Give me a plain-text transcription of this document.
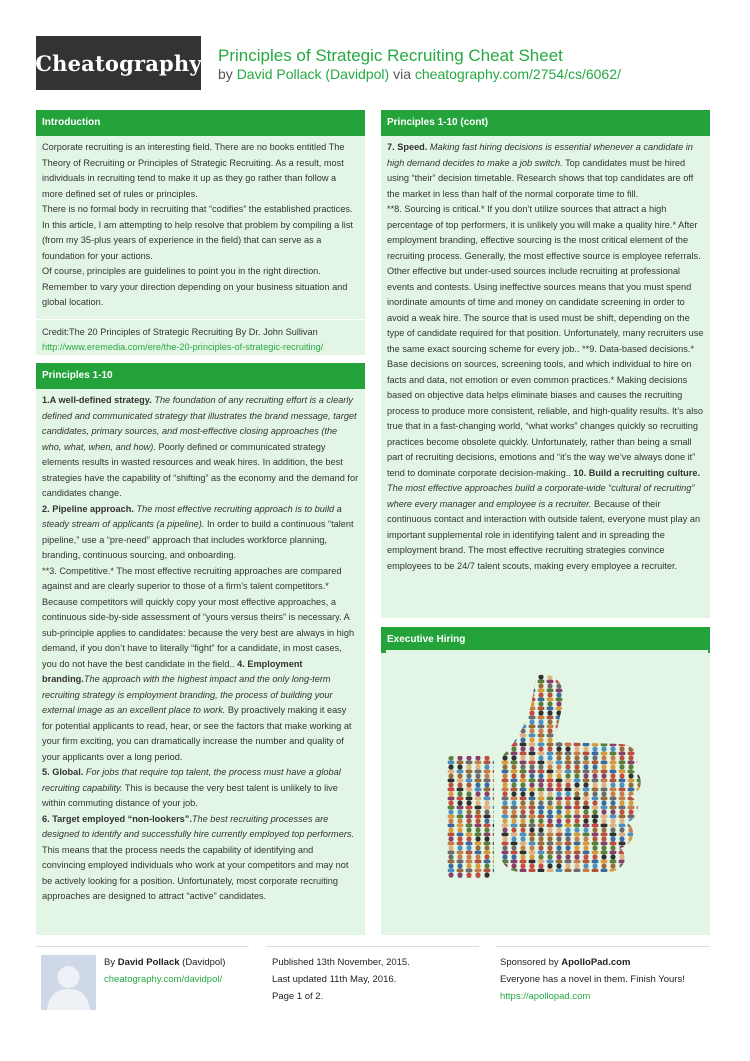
Cheatography Principles of Strategic Recruiting Cheat Sheet
by David Pollack (Davidpol) via cheatography.com/2754/cs/6062/
Introduction

Corporate recruiting is an interesting field. There are no books entitled The Theory of Recruiting or Principles of Strategic Recruiting. As a result, most individuals in recruiting tend to make it up as they go rather than follow a more defined set of rules or principles.

There is no formal body in recruiting that “codifies” the established practices. In this article, I am attempting to help resolve that problem by compiling a list (from my 35-plus years of experience in the field) that can serve as a foundation for your actions.

Of course, principles are guidelines to point you in the right direction. Remember to vary your direction depending on your business situation and global location.

Credit:The 20 Principles of Strategic Recruiting By Dr. John Sullivan

http://www.eremedia.com/ere/the-20-principles-of-strategic-recruiting/

Principles 1-10

1.A well-defined strategy. The foundation of any recruiting effort is a clearly defined and communicated strategy that illustrates the brand message, target candidates, primary sources, and most-effective closing approaches (the who, what, when, and how). Poorly defined or communicated strategy elements results in wasted resources and weak hires. In addition, the best strategies have the capability of “shifting” as the economy and the demand for candidates change.

2. Pipeline approach. The most effective recruiting approach is to build a steady stream of applicants (a pipeline). In order to build a continuous “talent pipeline,” use a “pre-need” approach that includes workforce planning, branding, continuous sourcing, and onboarding.

**3. Competitive.* The most effective recruiting approaches are compared against and are clearly superior to those of a firm’s talent competitors.* Because competitors will quickly copy your most effective approaches, a continuous side-by-side assessment of “yours versus theirs” is necessary. A sub-principle applies to candidates: because the very best are always in high demand, if you don’t have to literally “fight” for a candidate, in most cases, you do not have the best candidate in the field.. 4. Employment branding.The approach with the highest impact and the only long-term recruiting strategy is employment branding, the process of building your external image as an excellent place to work. By proactively making it easy for potential applicants to read, hear, or see the factors that make working at your firm exciting, you can dramatically increase the number and quality of your applicants over a long period.

5. Global. For jobs that require top talent, the process must have a global recruiting capability. This is because the very best talent is unlikely to live within commuting distance of your job.

6. Target employed “non-lookers”.The best recruiting processes are designed to identify and successfully hire currently employed top performers. This means that the process needs the capability of identifying and convincing employed individuals who work at your competitors and may not be actively looking for a position. Unfortunately, most corporate recruiting approaches are designed to attract “active” candidates.

Principles 1-10 (cont)

7. Speed. Making fast hiring decisions is essential whenever a candidate in high demand decides to make a job switch. Top candidates must be hired using “their” decision timetable. Research shows that top candidates are off the market in less than half of the normal corporate time to fill.

**8. Sourcing is critical.* If you don’t utilize sources that attract a high percentage of top performers, it is unlikely you will make a quality hire.* After employment branding, effective sourcing is the most critical element of the recruiting process. Generally, the most effective source is employee referrals. Other effective but under-used sources include recruiting at professional events and contests. Using ineffective sources means that you must spend inordinate amounts of time and money on candidate screening in order to avoid a weak hire. The source that is used must be shift, depending on the type of candidate required for that position. Unfortunately, many recruiters use the same exact sourcing scheme for every job.. **9. Data-based decisions.* Base decisions on sources, screening tools, and which individual to hire on facts and data, not emotion or even common practices.* Making decisions based on objective data helps eliminate biases and causes the recruiting process to produce more consistent, reliable, and high-quality results. It’s also true that in a fast-changing world, “what works” changes quickly so recruiting practices become obsolete quickly. Unfortunately, rather than being a small part of recruiting decisions, emotions and “it’s the way we’ve always done it” tend to dominate corporate decision-making.. 10. Build a recruiting culture. The most effective approaches build a corporate-wide “cultural of recruiting” where every manager and employee is a recruiter. Because of their continuous contact and interaction with outside talent, everyone must play an important supplemental role in identifying talent and in spreading the employment brand. The most effective recruiting strategies convince employees to be 24/7 talent scouts, making every employee a recruiter.

Executive Hiring
By David Pollack (Davidpol)
cheatography.com/davidpol/
Published 13th November, 2015.
Last updated 11th May, 2016.
Page 1 of 2.
Sponsored by ApolloPad.com
Everyone has a novel in them. Finish Yours!
https://apollopad.com
